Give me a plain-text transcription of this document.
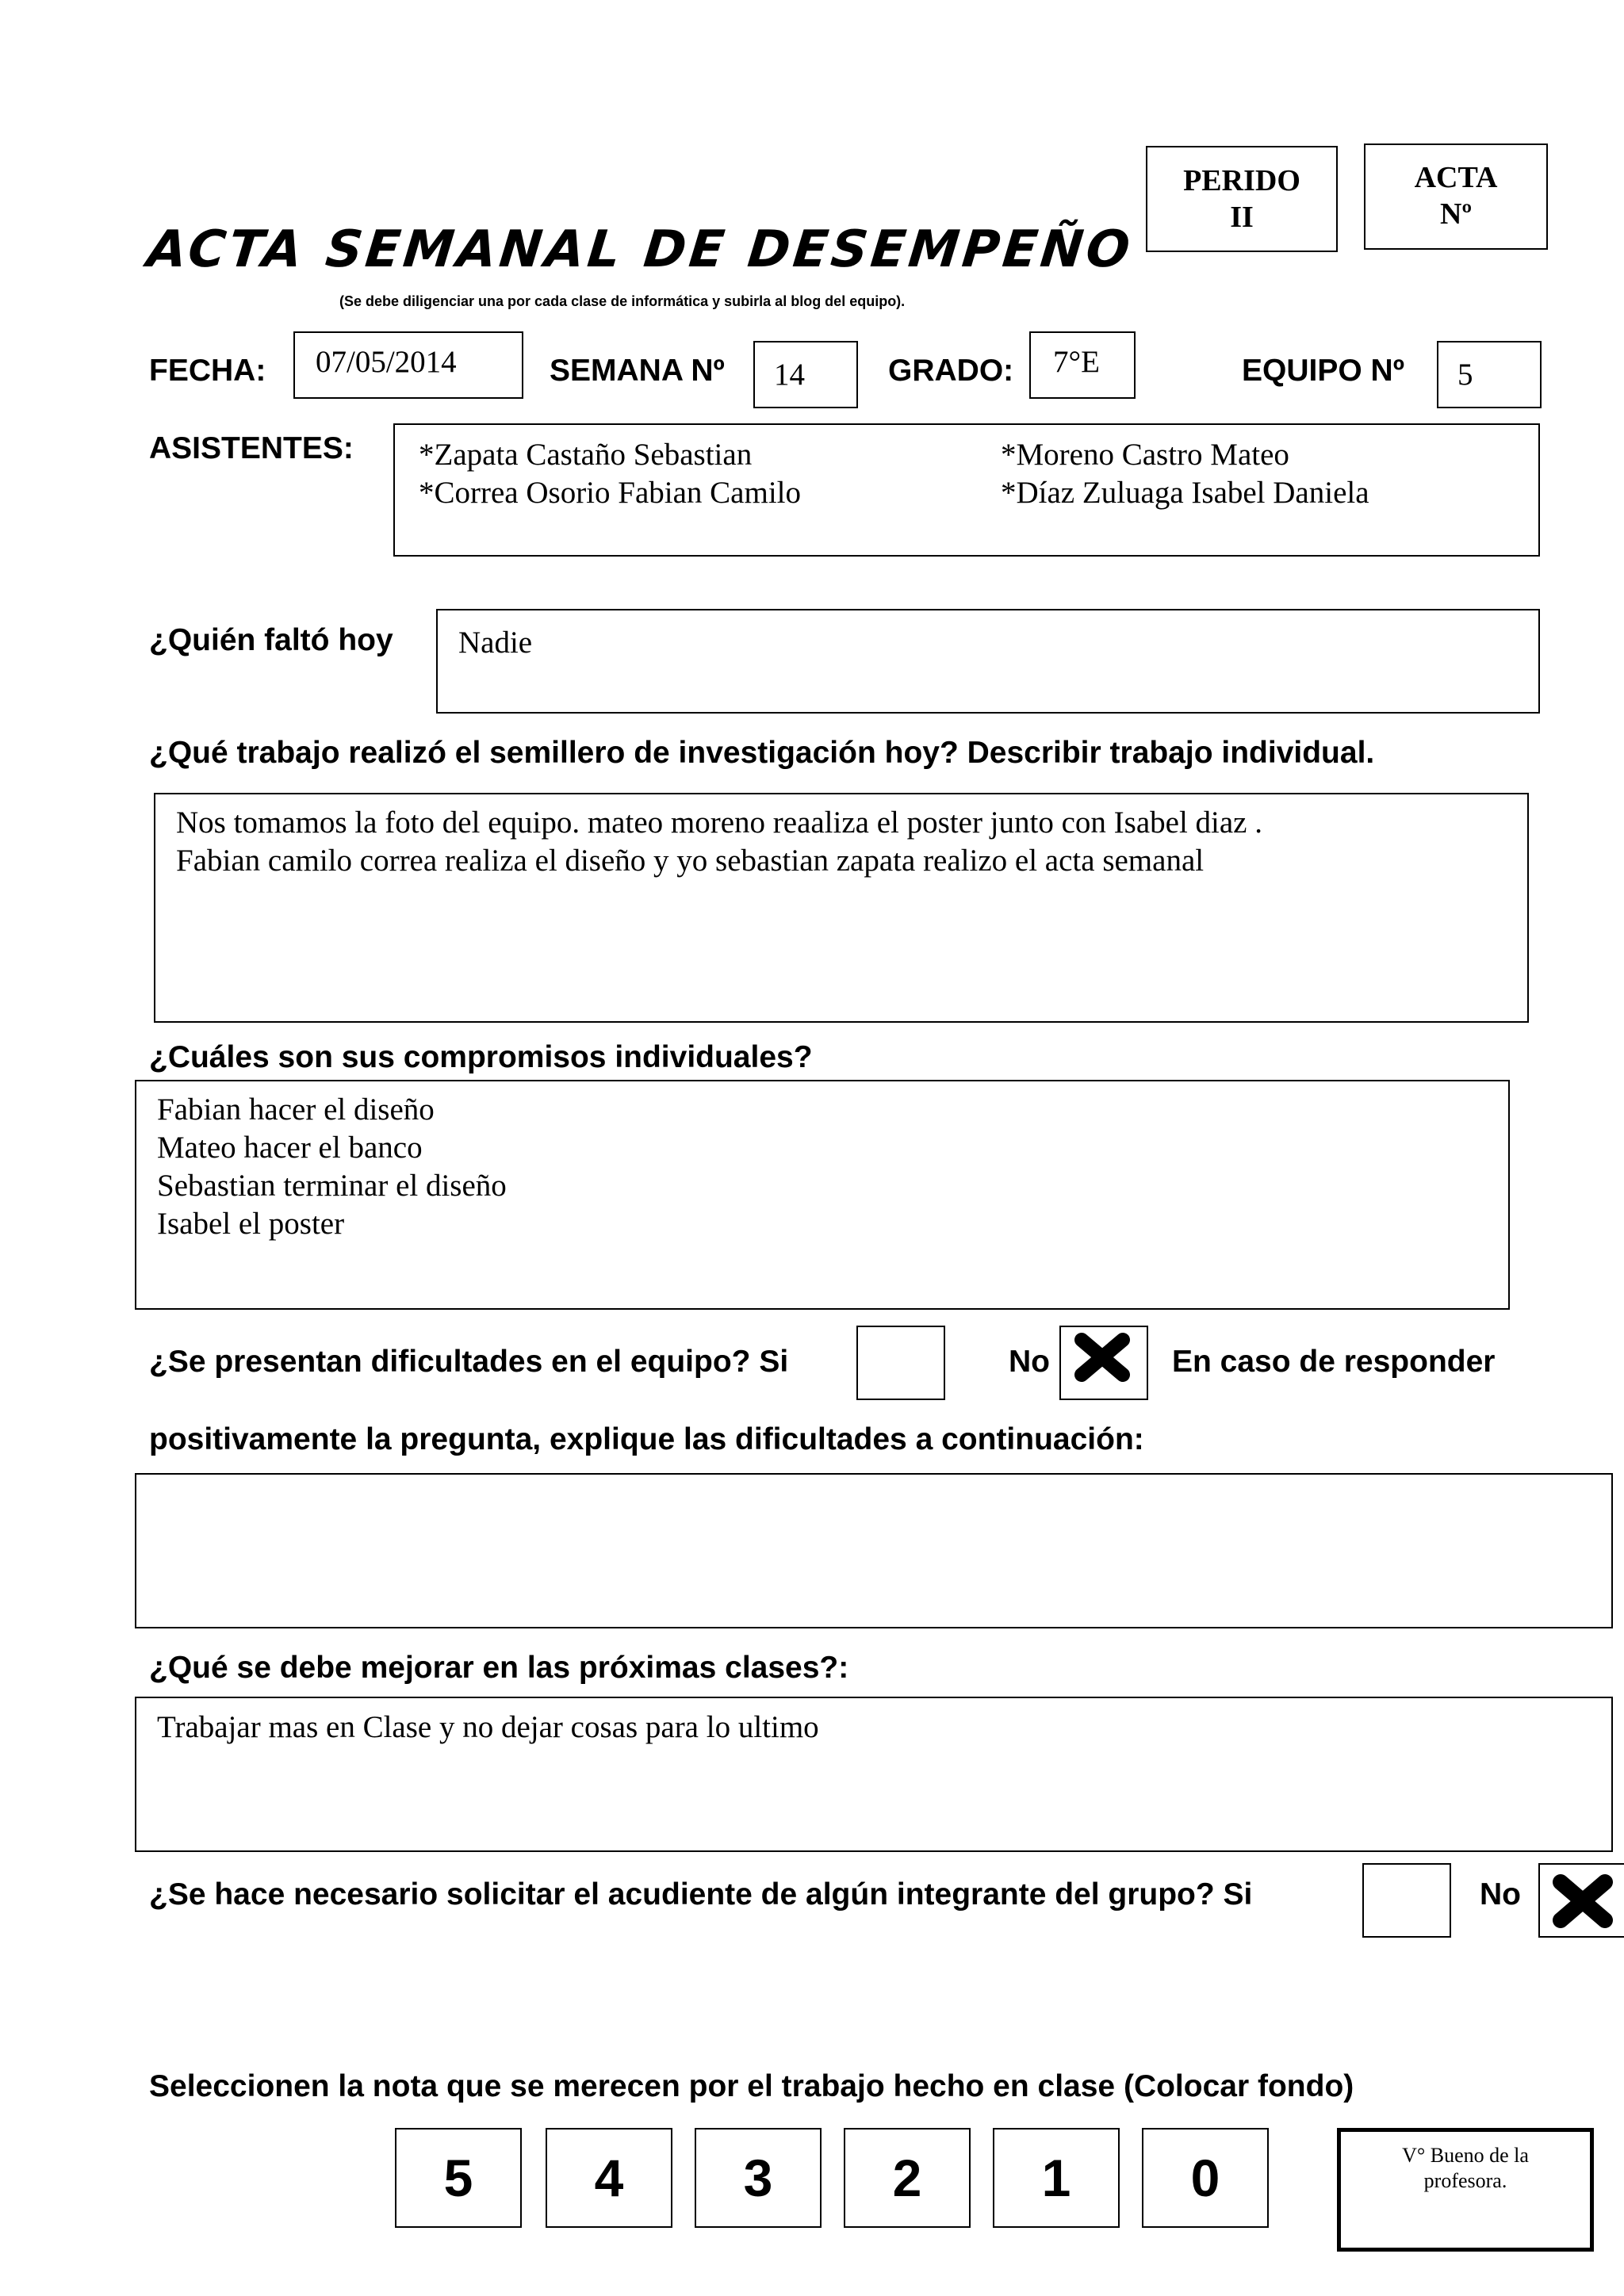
ACTA SEMANAL DE DESEMPEÑO
(Se debe diligenciar una por cada clase de informática y subirla al blog del equipo).
PERIDO
II
ACTA
Nº
FECHA: 07/05/2014	SEMANA Nº 14	GRADO: 7°E	EQUIPO Nº 5
ASISTENTES: *Zapata Castaño Sebastian
*Correa Osorio Fabian Camilo
*Moreno Castro Mateo
*Díaz Zuluaga Isabel Daniela
¿Quién faltó hoy Nadie
¿Qué trabajo realizó el semillero de investigación hoy? Describir trabajo individual.
Nos tomamos la foto del equipo. mateo moreno reaaliza el poster junto con Isabel diaz .
Fabian camilo correa realiza el diseño y yo sebastian zapata realizo el acta semanal
¿Cuáles son sus compromisos individuales?
Fabian hacer el diseño
Mateo hacer el banco
Sebastian terminar el diseño
Isabel el poster
¿Se presentan dificultades en el equipo? Si	No	En caso de responder
positivamente la pregunta, explique las dificultades a continuación:
¿Qué se debe mejorar en las próximas clases?:
Trabajar mas en Clase y no dejar cosas para lo ultimo
¿Se hace necesario solicitar el acudiente de algún integrante del grupo? Si	No
Seleccionen la nota que se merecen por el trabajo hecho en clase (Colocar fondo)
5	4	3	2	1	0	V° Bueno de la
profesora.
